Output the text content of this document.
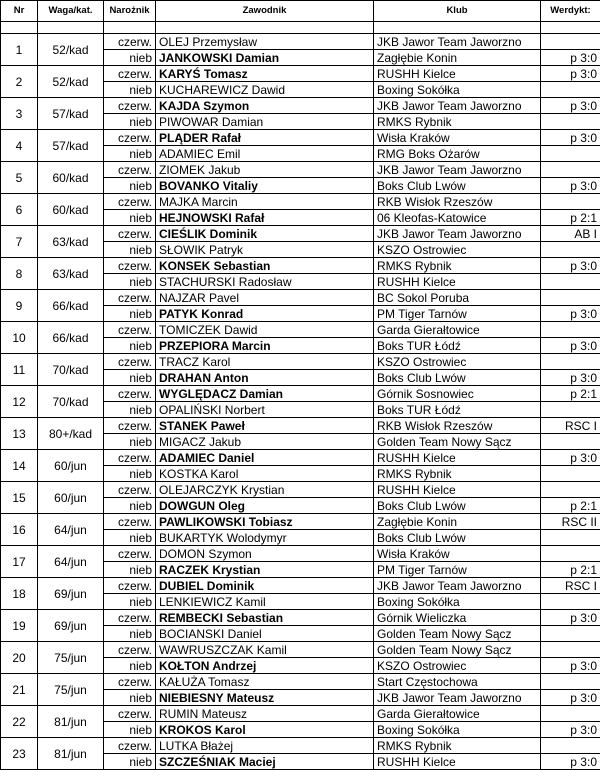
Nr	Waga/kat.	Narożnik	Zawodnik	Klub	Werdykt:

1	52/kad	czerw.	OLEJ Przemysław	JKB Jawor Team Jaworzno	
		nieb	JANKOWSKI Damian	Zagłębie Konin	p 3:0
2	52/kad	czerw.	KARYŚ Tomasz	RUSHH Kielce	p 3:0
		nieb	KUCHAREWICZ Dawid	Boxing Sokółka	
3	57/kad	czerw.	KAJDA Szymon	JKB Jawor Team Jaworzno	p 3:0
		nieb	PIWOWAR Damian	RMKS Rybnik	
4	57/kad	czerw.	PLĄDER Rafał	Wisła Kraków	p 3:0
		nieb	ADAMIEC Emil	RMG Boks Ożarów	
5	60/kad	czerw.	ZIOMEK Jakub	JKB Jawor Team Jaworzno	
		nieb	BOVANKO Vitaliy	Boks Club Lwów	p 3:0
6	60/kad	czerw.	MAJKA Marcin	RKB Wisłok Rzeszów	
		nieb	HEJNOWSKI Rafał	06 Kleofas-Katowice	p 2:1
7	63/kad	czerw.	CIEŚLIK Dominik	JKB Jawor Team Jaworzno	AB I
		nieb	SŁOWIK Patryk	KSZO Ostrowiec	
8	63/kad	czerw.	KONSEK Sebastian	RMKS Rybnik	p 3:0
		nieb	STACHURSKI Radosław	RUSHH Kielce	
9	66/kad	czerw.	NAJZAR Pavel	BC Sokol Poruba	
		nieb	PATYK Konrad	PM Tiger Tarnów	p 3:0
10	66/kad	czerw.	TOMICZEK Dawid	Garda Gierałtowice	
		nieb	PRZEPIORA Marcin	Boks TUR Łódź	p 3:0
11	70/kad	czerw.	TRACZ Karol	KSZO Ostrowiec	
		nieb	DRAHAN Anton	Boks Club Lwów	p 3:0
12	70/kad	czerw.	WYGLĘDACZ Damian	Górnik Sosnowiec	p 2:1
		nieb	OPALIŃSKI Norbert	Boks TUR Łódź	
13	80+/kad	czerw.	STANEK Paweł	RKB Wisłok Rzeszów	RSC I
		nieb	MIGACZ Jakub	Golden Team Nowy Sącz	
14	60/jun	czerw.	ADAMIEC Daniel	RUSHH Kielce	p 3:0
		nieb	KOSTKA Karol	RMKS Rybnik	
15	60/jun	czerw.	OLEJARCZYK Krystian	RUSHH Kielce	
		nieb	DOWGUN Oleg	Boks Club Lwów	p 2:1
16	64/jun	czerw.	PAWLIKOWSKI Tobiasz	Zagłębie Konin	RSC II
		nieb	BUKARTYK Wolodymyr	Boks Club Lwów	
17	64/jun	czerw.	DOMON Szymon	Wisła Kraków	
		nieb	RACZEK Krystian	PM Tiger Tarnów	p 2:1
18	69/jun	czerw.	DUBIEL Dominik	JKB Jawor Team Jaworzno	RSC I
		nieb	LENKIEWICZ Kamil	Boxing Sokółka	
19	69/jun	czerw.	REMBECKI Sebastian	Górnik Wieliczka	p 3:0
		nieb	BOCIANSKI Daniel	Golden Team Nowy Sącz	
20	75/jun	czerw.	WAWRUSZCZAK Kamil	Golden Team Nowy Sącz	
		nieb	KOŁTON Andrzej	KSZO Ostrowiec	p 3:0
21	75/jun	czerw.	KAŁUŻA Tomasz	Start Częstochowa	
		nieb	NIEBIESNY Mateusz	JKB Jawor Team Jaworzno	p 3:0
22	81/jun	czerw.	RUMIN Mateusz	Garda Gierałtowice	
		nieb	KROKOS Karol	Boxing Sokółka	p 3:0
23	81/jun	czerw.	LUTKA Błażej	RMKS Rybnik	
		nieb	SZCZEŚNIAK Maciej	RUSHH Kielce	p 3:0
